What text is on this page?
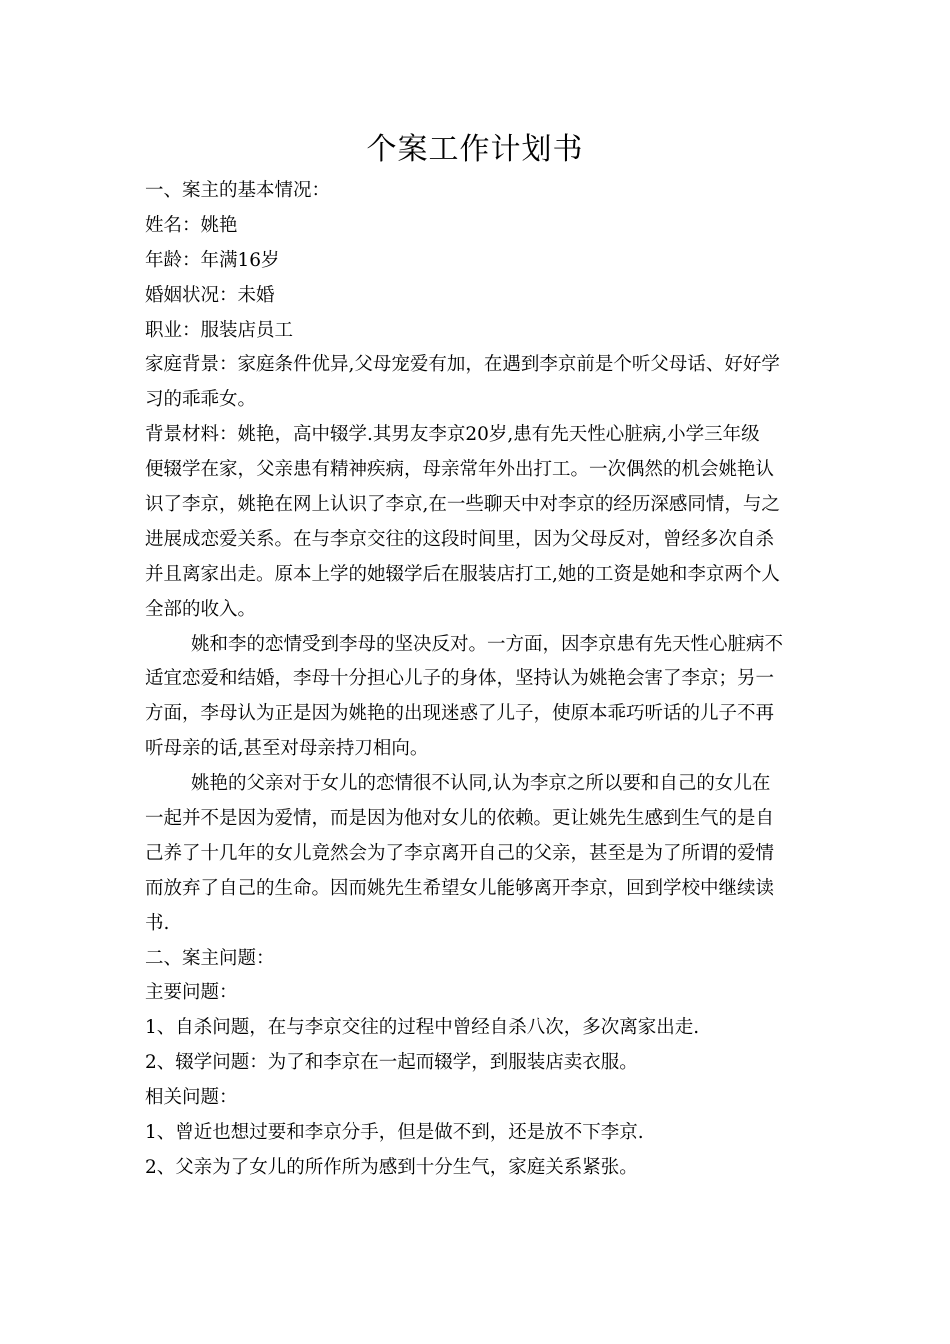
个案工作计划书
一、案主的基本情况：
姓名：姚艳
年龄：年满16岁
婚姻状况：未婚
职业：服装店员工
家庭背景：家庭条件优异,父母宠爱有加，在遇到李京前是个听父母话、好好学
习的乖乖女。
背景材料：姚艳，高中辍学.其男友李京20岁,患有先天性心脏病,小学三年级
便辍学在家，父亲患有精神疾病，母亲常年外出打工。一次偶然的机会姚艳认
识了李京，姚艳在网上认识了李京,在一些聊天中对李京的经历深感同情，与之
进展成恋爱关系。在与李京交往的这段时间里，因为父母反对，曾经多次自杀
并且离家出走。原本上学的她辍学后在服装店打工,她的工资是她和李京两个人
全部的收入。
姚和李的恋情受到李母的坚决反对。一方面，因李京患有先天性心脏病不
适宜恋爱和结婚，李母十分担心儿子的身体，坚持认为姚艳会害了李京；另一
方面，李母认为正是因为姚艳的出现迷惑了儿子，使原本乖巧听话的儿子不再
听母亲的话,甚至对母亲持刀相向。
姚艳的父亲对于女儿的恋情很不认同,认为李京之所以要和自己的女儿在
一起并不是因为爱情，而是因为他对女儿的依赖。更让姚先生感到生气的是自
己养了十几年的女儿竟然会为了李京离开自己的父亲，甚至是为了所谓的爱情
而放弃了自己的生命。因而姚先生希望女儿能够离开李京，回到学校中继续读
书.
二、案主问题：
主要问题：
1、自杀问题，在与李京交往的过程中曾经自杀八次，多次离家出走.
2、辍学问题：为了和李京在一起而辍学，到服装店卖衣服。
相关问题：
1、曾近也想过要和李京分手，但是做不到，还是放不下李京.
2、父亲为了女儿的所作所为感到十分生气，家庭关系紧张。
